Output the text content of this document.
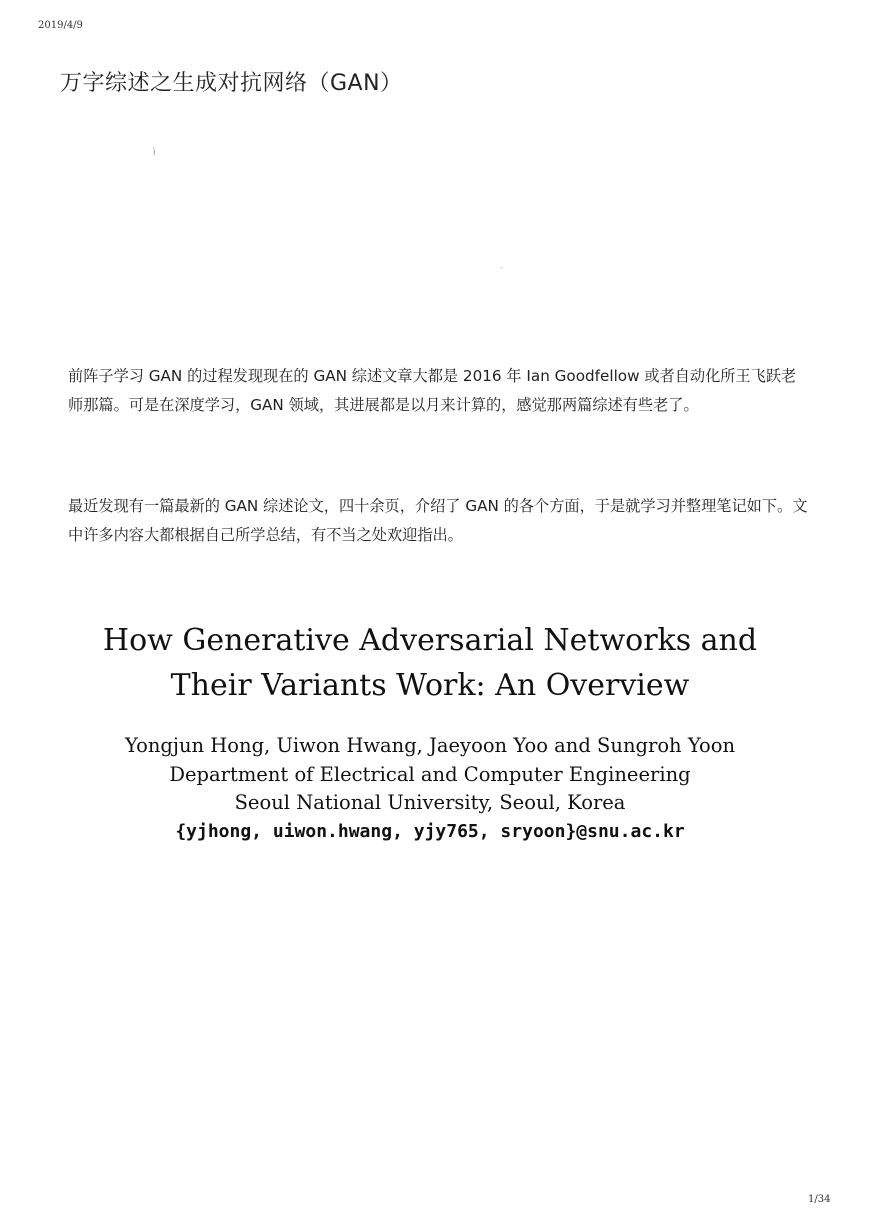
2019/4/9
万字综述之生成对抗网络（GAN）
.
ì
-

前阵子学习 GAN 的过程发现现在的 GAN 综述文章大都是 2016 年 Ian Goodfellow 或者自动化所王飞跃老师那篇。可是在深度学习，GAN 领域，其进展都是以月来计算的，感觉那两篇综述有些老了。

最近发现有一篇最新的 GAN 综述论文，四十余页，介绍了 GAN 的各个方面，于是就学习并整理笔记如下。文中许多内容大都根据自己所学总结，有不当之处欢迎指出。

How Generative Adversarial Networks and
Their Variants Work: An Overview
Yongjun Hong, Uiwon Hwang, Jaeyoon Yoo and Sungroh Yoon
Department of Electrical and Computer Engineering
Seoul National University, Seoul, Korea
{yjhong, uiwon.hwang, yjy765, sryoon}@snu.ac.kr
1/34
